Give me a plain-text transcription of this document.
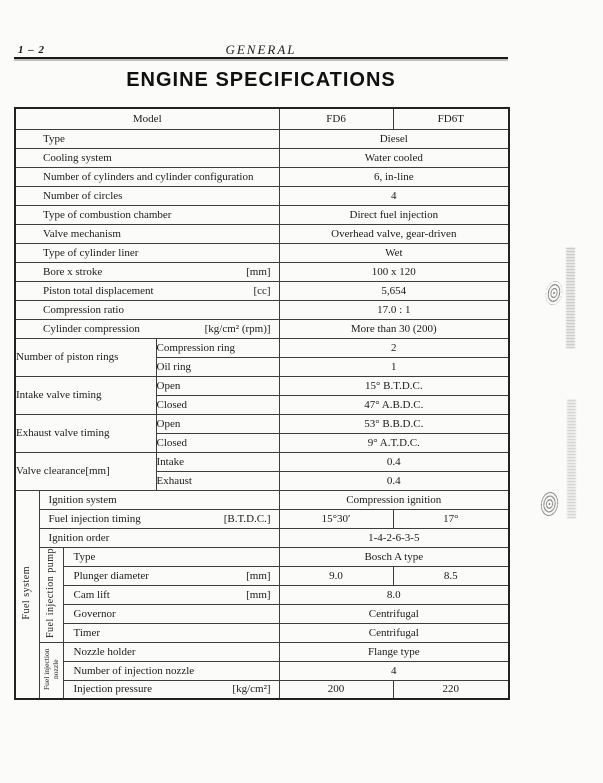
1 – 2	GENERAL
ENGINE SPECIFICATIONS
Model				FD6	FD6T

Type				Diesel	

Cooling system				Water cooled	

Number of cylinders and cylinder configuration				6, in-line	

Number of circles				4	

Type of combustion chamber				Direct fuel injection	

Valve mechanism				Overhead valve, gear-driven	

Type of cylinder liner				Wet	

Bore x stroke [mm]				100 x 120	

Piston total displacement [cc]				5,654	

Compression ratio				17.0 : 1	

Cylinder compression [kg/cm² (rpm)]				More than 30 (200)	
Number of piston rings			Compression ring	2	
			Oil ring	1	
Intake valve timing			Open	15° B.T.D.C.	
			Closed	47° A.B.D.C.	
Exhaust valve timing			Open	53° B.B.D.C.	
			Closed	9° A.T.D.C.	

Valve clearance[mm]			Intake	0.4	
			Exhaust	0.4	
Fuel system	Ignition system			Compression ignition	

	Fuel injection timing [B.T.D.C.]			15°30′	17°

	Ignition order			1-4-2-6-3-5	
	Fuel injection pump	Type		Bosch A type	

		Plunger diameter [mm]		9.0	8.5

		Cam lift [mm]		8.0	

		Governor		Centrifugal	

		Timer		Centrifugal	
	Fuel injection nozzle	Nozzle holder		Flange type	

		Number of injection nozzle		4	

		Injection pressure [kg/cm²]		200	220
